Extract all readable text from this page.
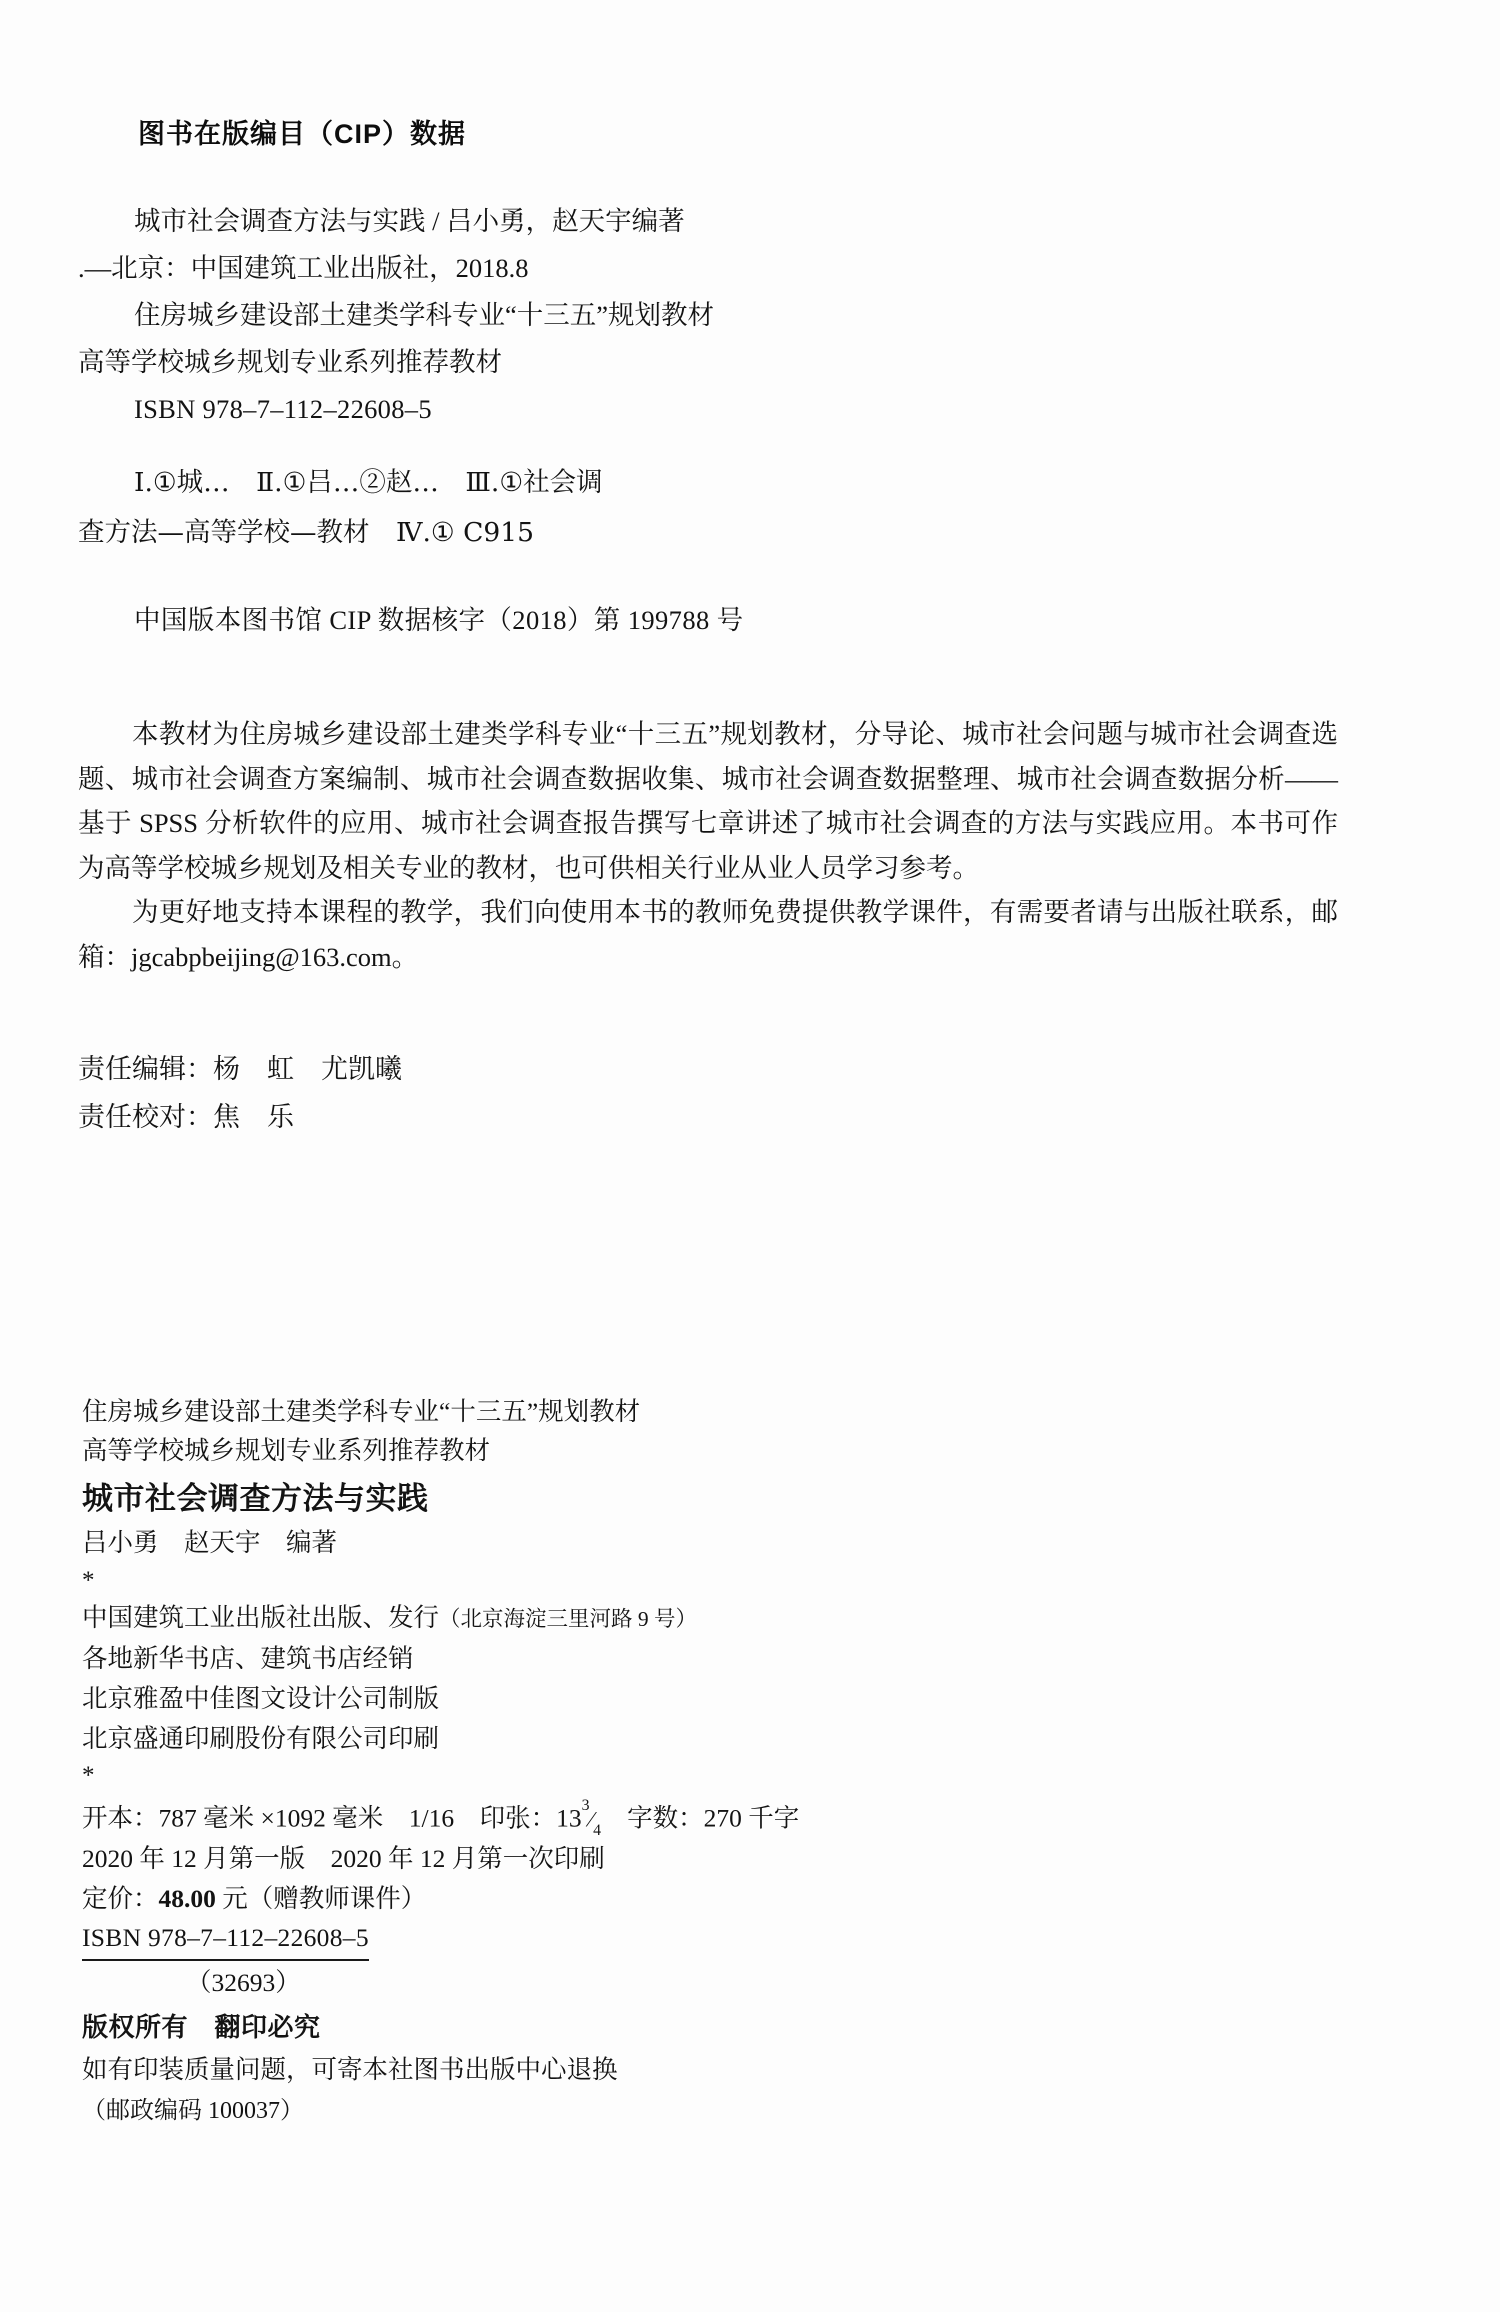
图书在版编目（CIP）数据
城市社会调查方法与实践 / 吕小勇，赵天宇编著
.—北京：中国建筑工业出版社，2018.8
住房城乡建设部土建类学科专业“十三五”规划教材
高等学校城乡规划专业系列推荐教材
ISBN 978–7–112–22608–5
Ⅰ.①城…　Ⅱ.①吕…②赵…　Ⅲ.①社会调
查方法—高等学校—教材　Ⅳ.① C915
中国版本图书馆 CIP 数据核字（2018）第 199788 号

本教材为住房城乡建设部土建类学科专业“十三五”规划教材，分导论、城市社会问题与城市社会调查选题、城市社会调查方案编制、城市社会调查数据收集、城市社会调查数据整理、城市社会调查数据分析——基于 SPSS 分析软件的应用、城市社会调查报告撰写七章讲述了城市社会调查的方法与实践应用。本书可作为高等学校城乡规划及相关专业的教材，也可供相关行业从业人员学习参考。

为更好地支持本课程的教学，我们向使用本书的教师免费提供教学课件，有需要者请与出版社联系，邮箱：jgcabpbeijing@163.com。

责任编辑：杨　虹　尤凯曦
责任校对：焦　乐
住房城乡建设部土建类学科专业“十三五”规划教材
高等学校城乡规划专业系列推荐教材
城市社会调查方法与实践
吕小勇　赵天宇　编著
*
中国建筑工业出版社出版、发行（北京海淀三里河路 9 号）
各地新华书店、建筑书店经销
北京雅盈中佳图文设计公司制版
北京盛通印刷股份有限公司印刷
*
开本：787 毫米 ×1092 毫米　1/16　印张：$13^3⁄_4$　字数：270 千字
2020 年 12 月第一版　2020 年 12 月第一次印刷
定价：48.00 元（赠教师课件）
ISBN 978–7–112–22608–5
（32693）
版权所有　翻印必究
如有印装质量问题，可寄本社图书出版中心退换
（邮政编码 100037）
